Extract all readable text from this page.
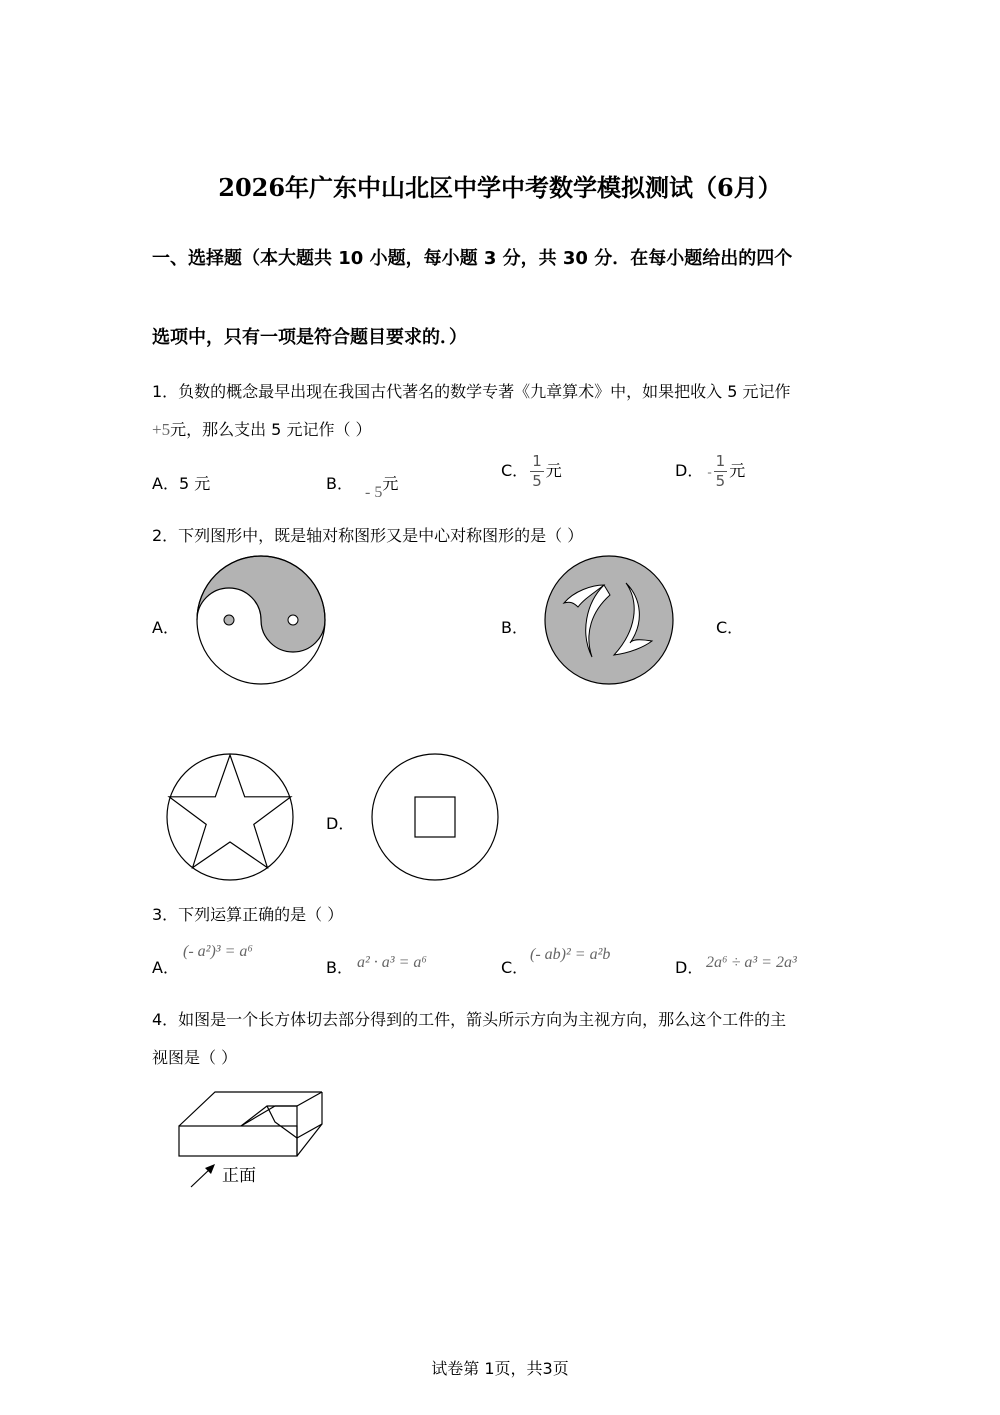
2026年广东中山北区中学中考数学模拟测试（6月）
一、选择题（本大题共 10 小题，每小题 3 分，共 30 分．在每小题给出的四个
选项中，只有一项是符合题目要求的．）
1．负数的概念最早出现在我国古代著名的数学专著《九章算术》中，如果把收入 5 元记作
+5元，那么支出 5 元记作（ ）
A．5 元	B． - 5元
C． $\frac{1}{5}$ 元	D． - $\frac{1}{5}$ 元
2．下列图形中，既是轴对称图形又是中心对称图形的是（ ）
A．	B．	C．
D．
3．下列运算正确的是（ ）
A．
(- a²)³ = a⁶
B． a² · a³ = a⁶	C．
(- ab)² = a²b
D． 2a⁶ ÷ a³ = 2a³
4．如图是一个长方体切去部分得到的工件，箭头所示方向为主视方向，那么这个工件的主
视图是（ ）
正面
试卷第 1页，共3页
